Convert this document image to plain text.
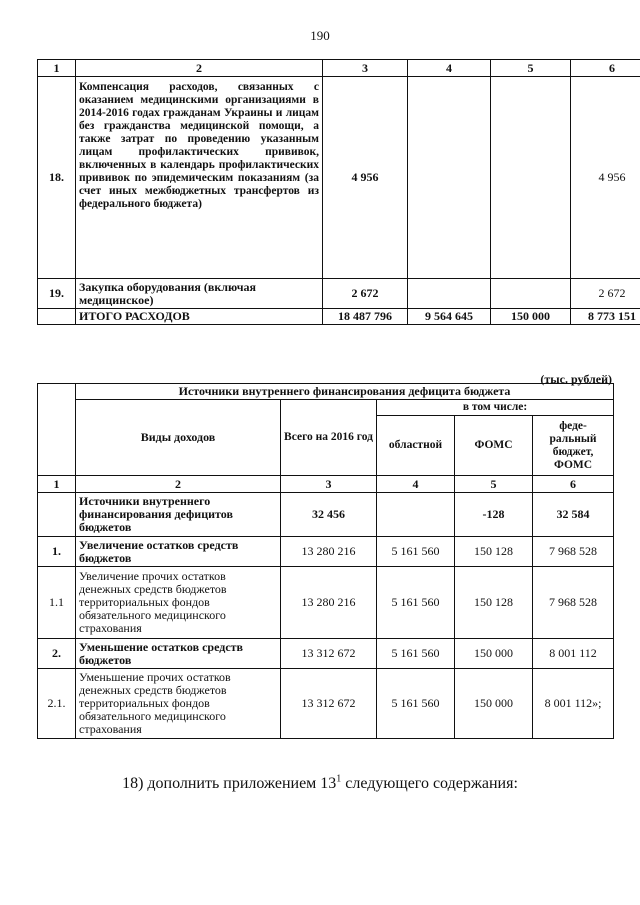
190
1	2	3	4	5	6
18.	Компенсация расходов, связанных с оказанием медицинскими организациями в 2014-2016 годах гражданам Украины и лицам без гражданства медицинской помощи, а также затрат по проведению указанным лицам профилактических прививок, включенных в календарь профилактических прививок по эпидемическим показаниям (за счет иных межбюджетных трансфертов из федерального бюджета)	4 956			4 956
19.	Закупка оборудования (включая медицинское)	2 672			2 672
	ИТОГО РАСХОДОВ	18 487 796	9 564 645	150 000	8 773 151
(тыс. рублей)
	Источники внутреннего финансирования дефицита бюджета				
	Виды доходов	Всего на 2016 год	в том числе:		
			областной	ФОМС	феде-ральный бюджет, ФОМС
1	2	3	4	5	6
	Источники внутреннего финансирования дефицитов бюджетов	32 456		-128	32 584
1.	Увеличение остатков средств бюджетов	13 280 216	5 161 560	150 128	7 968 528
1.1	Увеличение прочих остатков денежных средств бюджетов территориальных фондов обязательного медицинского страхования	13 280 216	5 161 560	150 128	7 968 528
2.	Уменьшение остатков средств бюджетов	13 312 672	5 161 560	150 000	8 001 112
2.1.	Уменьшение прочих остатков денежных средств бюджетов территориальных фондов обязательного медицинского страхования	13 312 672	5 161 560	150 000	8 001 112»;
18) дополнить приложением $13^1$ следующего содержания:
